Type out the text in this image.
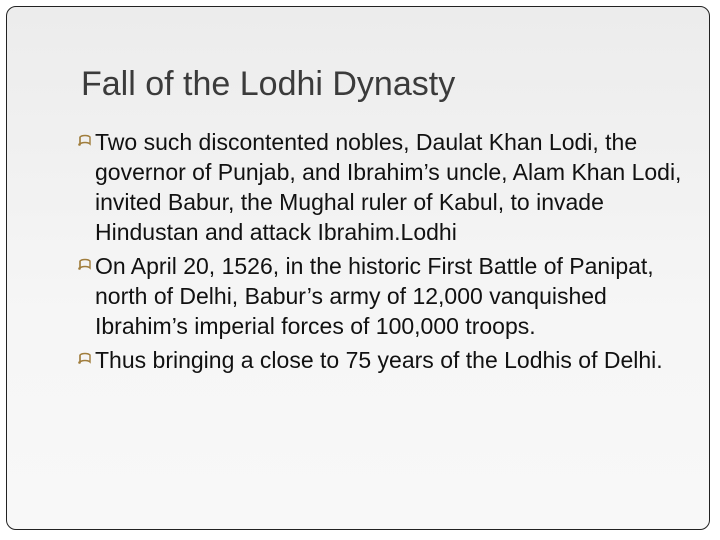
Fall of the Lodhi Dynasty
Two such discontented nobles, Daulat Khan Lodi, the governor of Punjab, and Ibrahim’s uncle, Alam Khan Lodi, invited Babur, the Mughal ruler of Kabul, to invade Hindustan and attack Ibrahim.Lodhi
On April 20, 1526, in the historic First Battle of Panipat, north of Delhi, Babur’s army of 12,000 vanquished Ibrahim’s imperial forces of 100,000 troops.
Thus bringing a close to 75 years of the Lodhis of Delhi.
